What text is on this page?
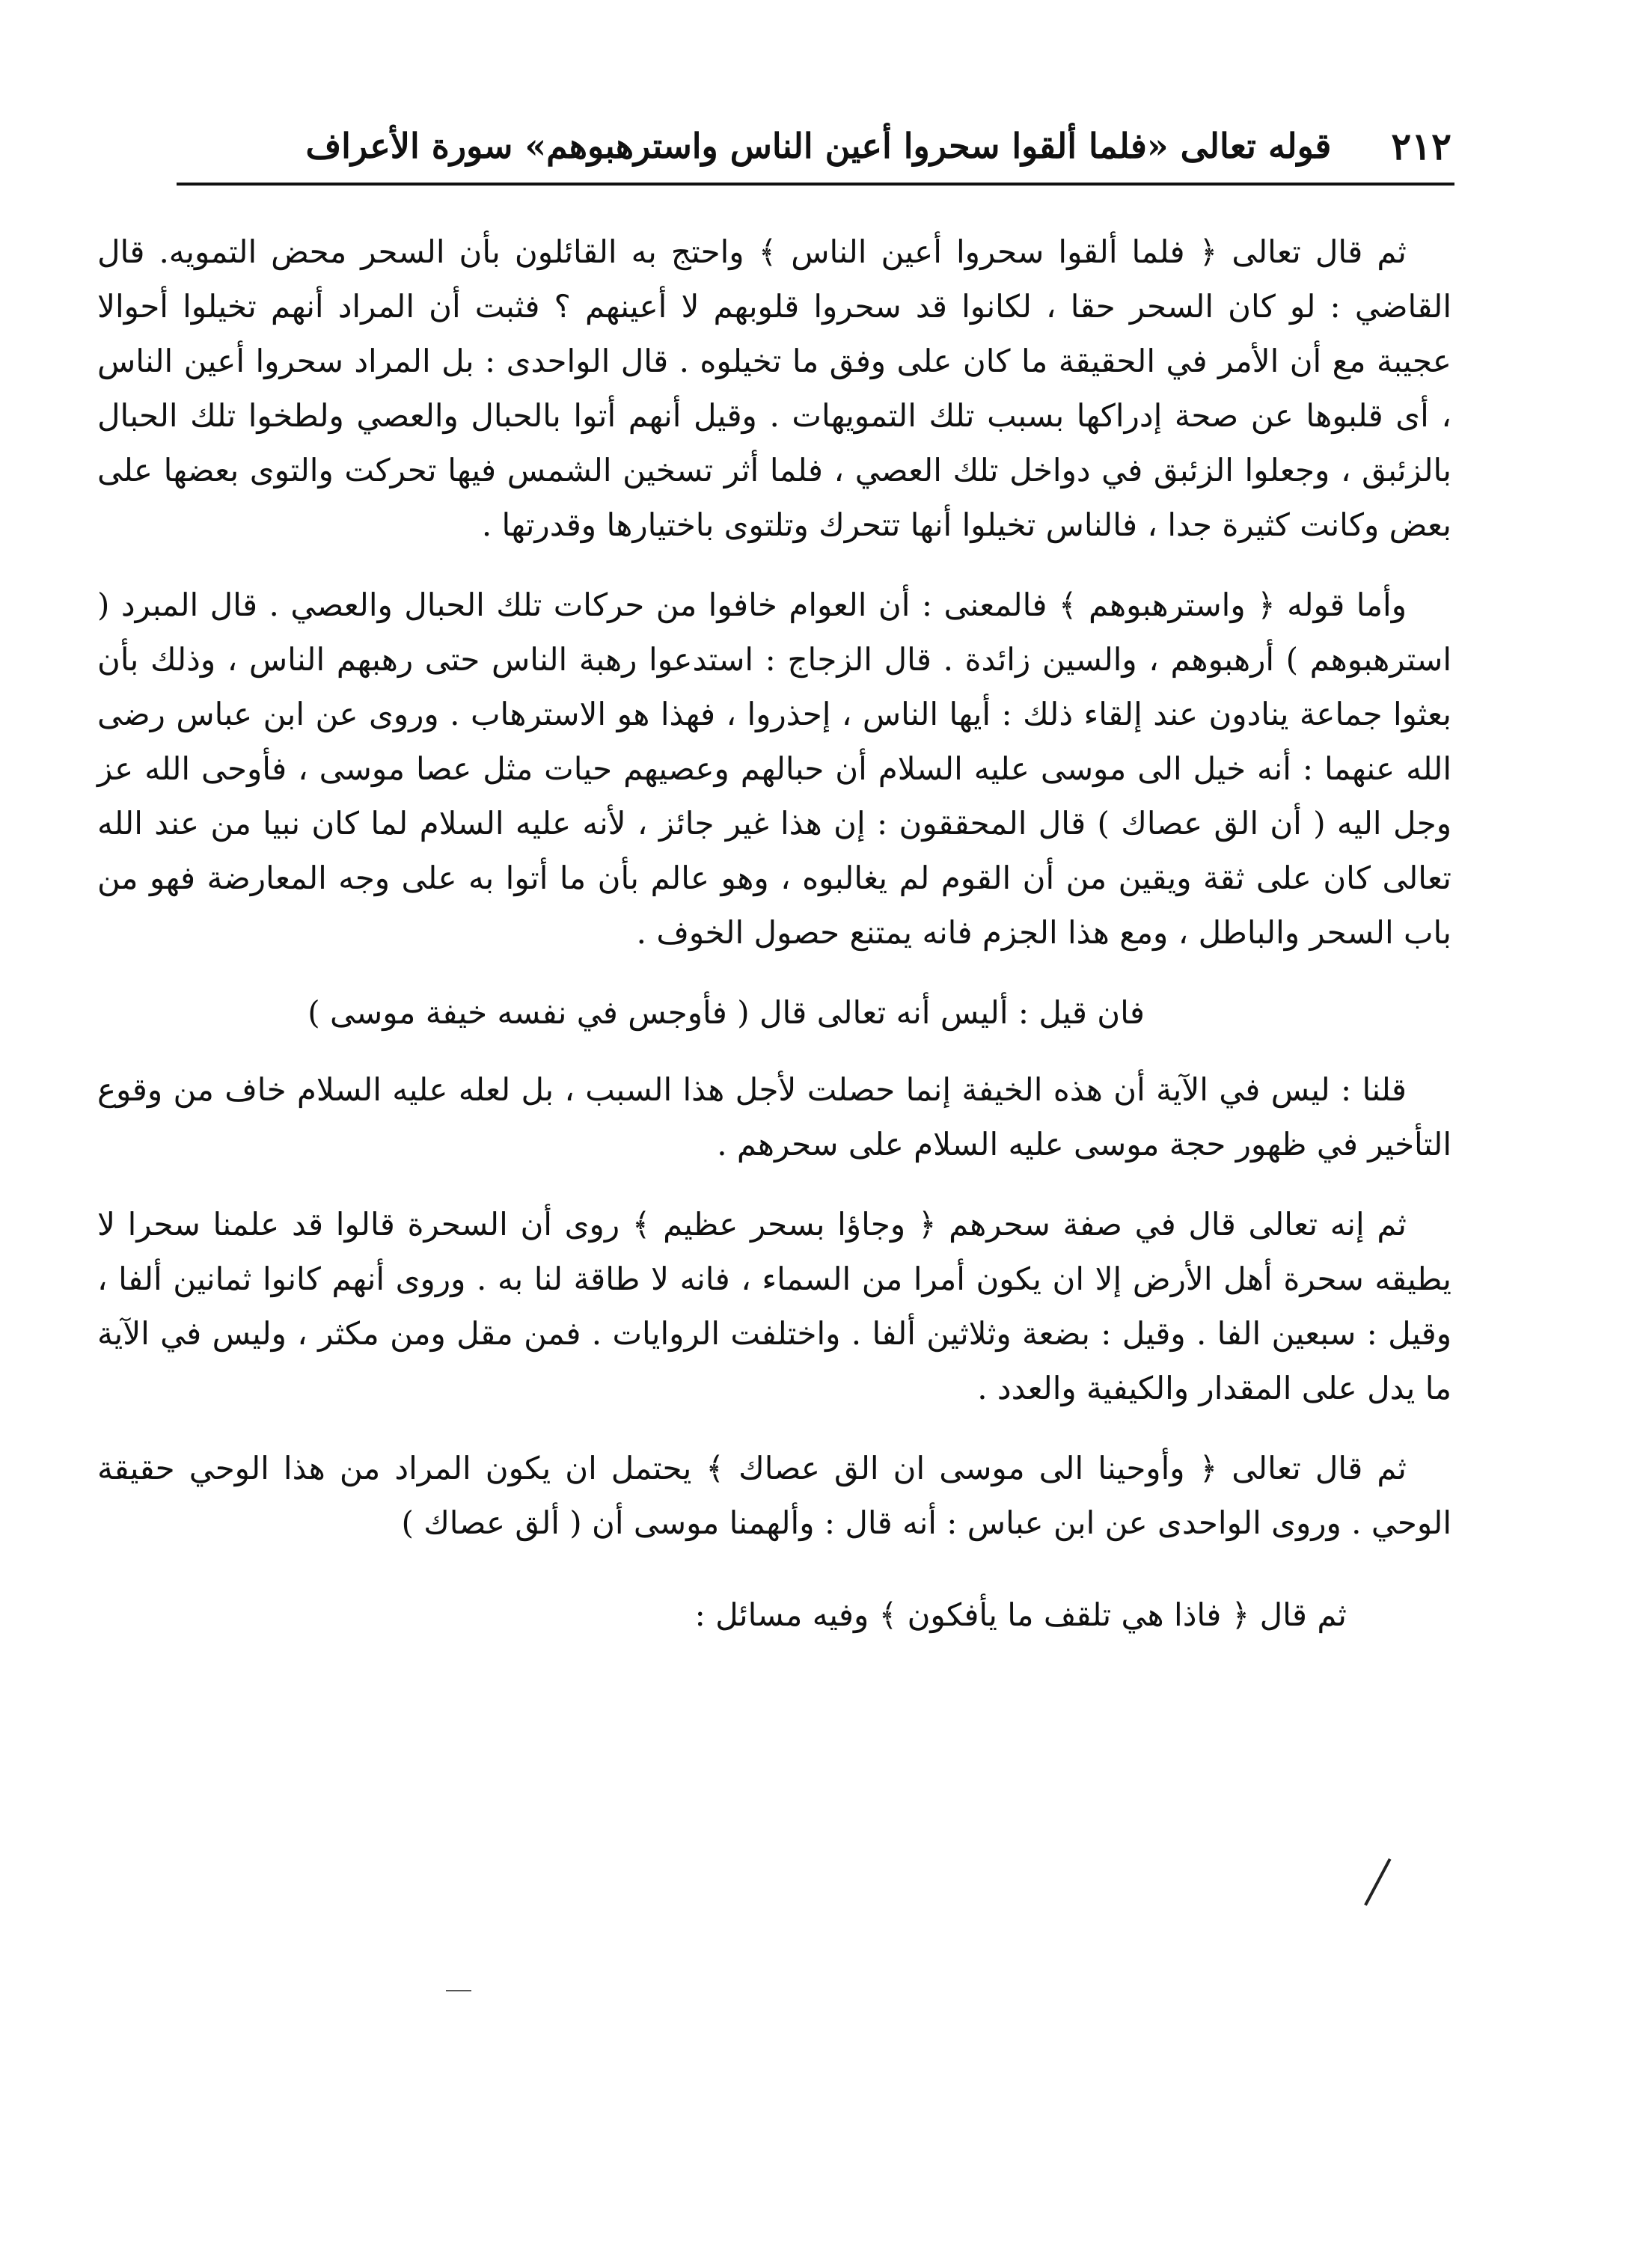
٢١٢
قوله تعالى «فلما ألقوا سحروا أعين الناس واسترهبوهم» سورة الأعراف

ثم قال تعالى ﴿ فلما ألقوا سحروا أعين الناس ﴾ واحتج به القائلون بأن السحر محض التمويه. قال القاضي : لو كان السحر حقا ، لكانوا قد سحروا قلوبهم لا أعينهم ؟ فثبت أن المراد أنهم تخيلوا أحوالا عجيبة مع أن الأمر في الحقيقة ما كان على وفق ما تخيلوه . قال الواحدى : بل المراد سحروا أعين الناس ، أى قلبوها عن صحة إدراكها بسبب تلك التمويهات . وقيل أنهم أتوا بالحبال والعصي ولطخوا تلك الحبال بالزئبق ، وجعلوا الزئبق في دواخل تلك العصي ، فلما أثر تسخين الشمس فيها تحركت والتوى بعضها على بعض وكانت كثيرة جدا ، فالناس تخيلوا أنها تتحرك وتلتوى باختيارها وقدرتها .

وأما قوله ﴿ واسترهبوهم ﴾ فالمعنى : أن العوام خافوا من حركات تلك الحبال والعصي . قال المبرد ( استرهبوهم ) أرهبوهم ، والسين زائدة . قال الزجاج : استدعوا رهبة الناس حتى رهبهم الناس ، وذلك بأن بعثوا جماعة ينادون عند إلقاء ذلك : أيها الناس ، إحذروا ، فهذا هو الاسترهاب . وروى عن ابن عباس رضى الله عنهما : أنه خيل الى موسى عليه السلام أن حبالهم وعصيهم حيات مثل عصا موسى ، فأوحى الله عز وجل اليه ( أن الق عصاك ) قال المحققون : إن هذا غير جائز ، لأنه عليه السلام لما كان نبيا من عند الله تعالى كان على ثقة ويقين من أن القوم لم يغالبوه ، وهو عالم بأن ما أتوا به على وجه المعارضة فهو من باب السحر والباطل ، ومع هذا الجزم فانه يمتنع حصول الخوف .

فان قيل : أليس أنه تعالى قال ( فأوجس في نفسه خيفة موسى )

قلنا : ليس في الآية أن هذه الخيفة إنما حصلت لأجل هذا السبب ، بل لعله عليه السلام خاف من وقوع التأخير في ظهور حجة موسى عليه السلام على سحرهم .

ثم إنه تعالى قال في صفة سحرهم ﴿ وجاؤا بسحر عظيم ﴾ روى أن السحرة قالوا قد علمنا سحرا لا يطيقه سحرة أهل الأرض إلا ان يكون أمرا من السماء ، فانه لا طاقة لنا به . وروى أنهم كانوا ثمانين ألفا ، وقيل : سبعين الفا . وقيل : بضعة وثلاثين ألفا . واختلفت الروايات . فمن مقل ومن مكثر ، وليس في الآية ما يدل على المقدار والكيفية والعدد .

ثم قال تعالى ﴿ وأوحينا الى موسى ان الق عصاك ﴾ يحتمل ان يكون المراد من هذا الوحي حقيقة الوحي . وروى الواحدى عن ابن عباس : أنه قال : وألهمنا موسى أن ( ألق عصاك )

ثم قال ﴿ فاذا هي تلقف ما يأفكون ﴾ وفيه مسائل :
